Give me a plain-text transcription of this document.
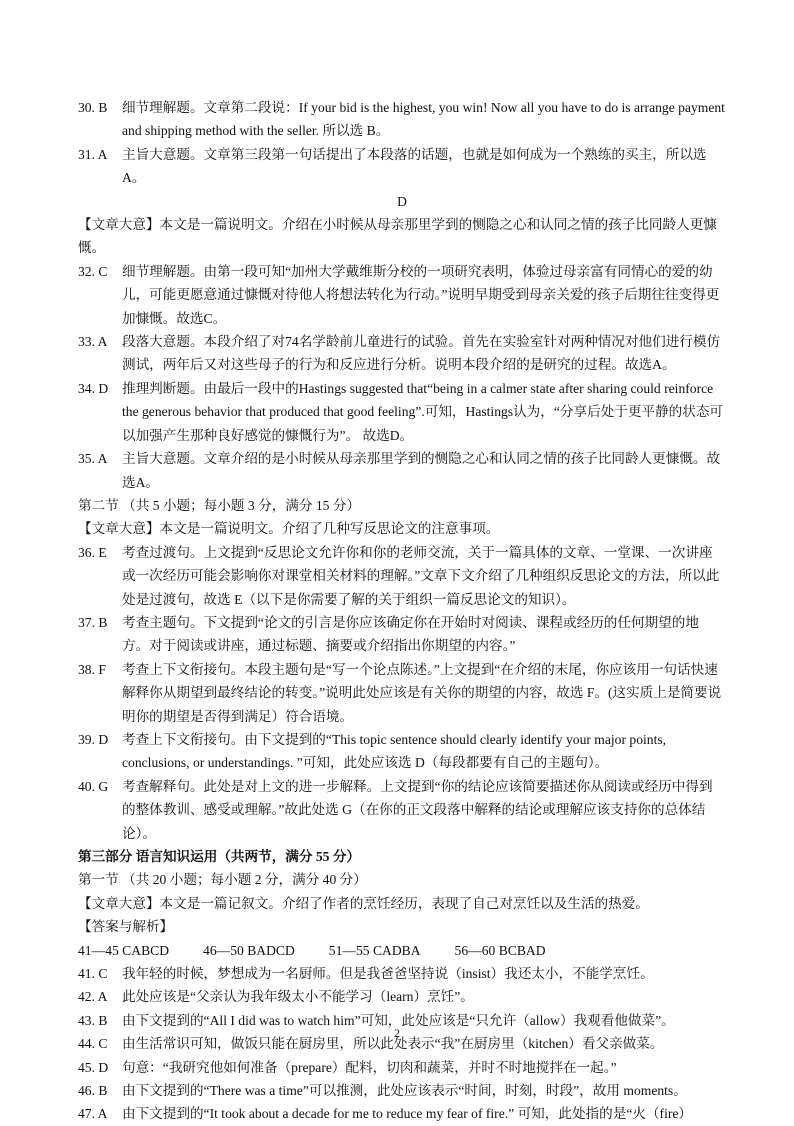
30. B	细节理解题。文章第二段说：If your bid is the highest, you win! Now all you have to do is arrange payment and shipping method with the seller. 所以选 B。
31. A	主旨大意题。文章第三段第一句话提出了本段落的话题，也就是如何成为一个熟练的买主，所以选A。
D
【文章大意】本文是一篇说明文。介绍在小时候从母亲那里学到的恻隐之心和认同之情的孩子比同龄人更慷慨。
32. C	细节理解题。由第一段可知“加州大学戴维斯分校的一项研究表明，体验过母亲富有同情心的爱的幼儿，可能更愿意通过慷慨对待他人将想法转化为行动。”说明早期受到母亲关爱的孩子后期往往变得更加慷慨。故选C。
33. A	段落大意题。本段介绍了对74名学龄前儿童进行的试验。首先在实验室针对两种情况对他们进行模仿测试，两年后又对这些母子的行为和反应进行分析。说明本段介绍的是研究的过程。故选A。
34. D	推理判断题。由最后一段中的Hastings suggested that“being in a calmer state after sharing could reinforce the generous behavior that produced that good feeling”.可知，Hastings认为，“分享后处于更平静的状态可以加强产生那种良好感觉的慷慨行为”。 故选D。
35. A	主旨大意题。文章介绍的是小时候从母亲那里学到的恻隐之心和认同之情的孩子比同龄人更慷慨。故选A。
第二节 （共 5 小题；每小题 3 分，满分 15 分）
【文章大意】本文是一篇说明文。介绍了几种写反思论文的注意事项。
36. E	考查过渡句。上文提到“反思论文允许你和你的老师交流，关于一篇具体的文章、一堂课、一次讲座或一次经历可能会影响你对课堂相关材料的理解。”文章下文介绍了几种组织反思论文的方法，所以此处是过渡句，故选 E（以下是你需要了解的关于组织一篇反思论文的知识）。
37. B	考查主题句。下文提到“论文的引言是你应该确定你在开始时对阅读、课程或经历的任何期望的地方。对于阅读或讲座，通过标题、摘要或介绍指出你期望的内容。”
38. F	考查上下文衔接句。本段主题句是“写一个论点陈述。”上文提到“在介绍的末尾，你应该用一句话快速解释你从期望到最终结论的转变。”说明此处应该是有关你的期望的内容，故选 F。(这实质上是简要说明你的期望是否得到满足）符合语境。
39. D	考查上下文衔接句。由下文提到的“This topic sentence should clearly identify your major points, conclusions, or understandings. ”可知，此处应该选 D（每段都要有自己的主题句）。
40. G	考查解释句。此处是对上文的进一步解释。上文提到“你的结论应该简要描述你从阅读或经历中得到的整体教训、感受或理解。”故此处选 G（在你的正文段落中解释的结论或理解应该支持你的总体结论）。
第三部分 语言知识运用（共两节，满分 55 分）
第一节 （共 20 小题；每小题 2 分，满分 40 分）
【文章大意】本文是一篇记叙文。介绍了作者的烹饪经历，表现了自己对烹饪以及生活的热爱。
【答案与解析】
41—45 CABCD	46—50 BADCD	51—55 CADBA	56—60 BCBAD
41. C	我年轻的时候，梦想成为一名厨师。但是我爸爸坚持说（insist）我还太小，不能学烹饪。
42. A	此处应该是“父亲认为我年级太小不能学习（learn）烹饪”。
43. B	由下文提到的“All I did was to watch him”可知，此处应该是“只允许（allow）我观看他做菜”。
44. C	由生活常识可知，做饭只能在厨房里，所以此处表示“我”在厨房里（kitchen）看父亲做菜。
45. D	句意：“我研究他如何准备（prepare）配料，切肉和蔬菜，并时不时地搅拌在一起。”
46. B	由下文提到的“There was a time”可以推测，此处应该表示“时间，时刻，时段”，故用 moments。
47. A	由下文提到的“It took about a decade for me to reduce my fear of fire.” 可知，此处指的是“火（fire）
2
